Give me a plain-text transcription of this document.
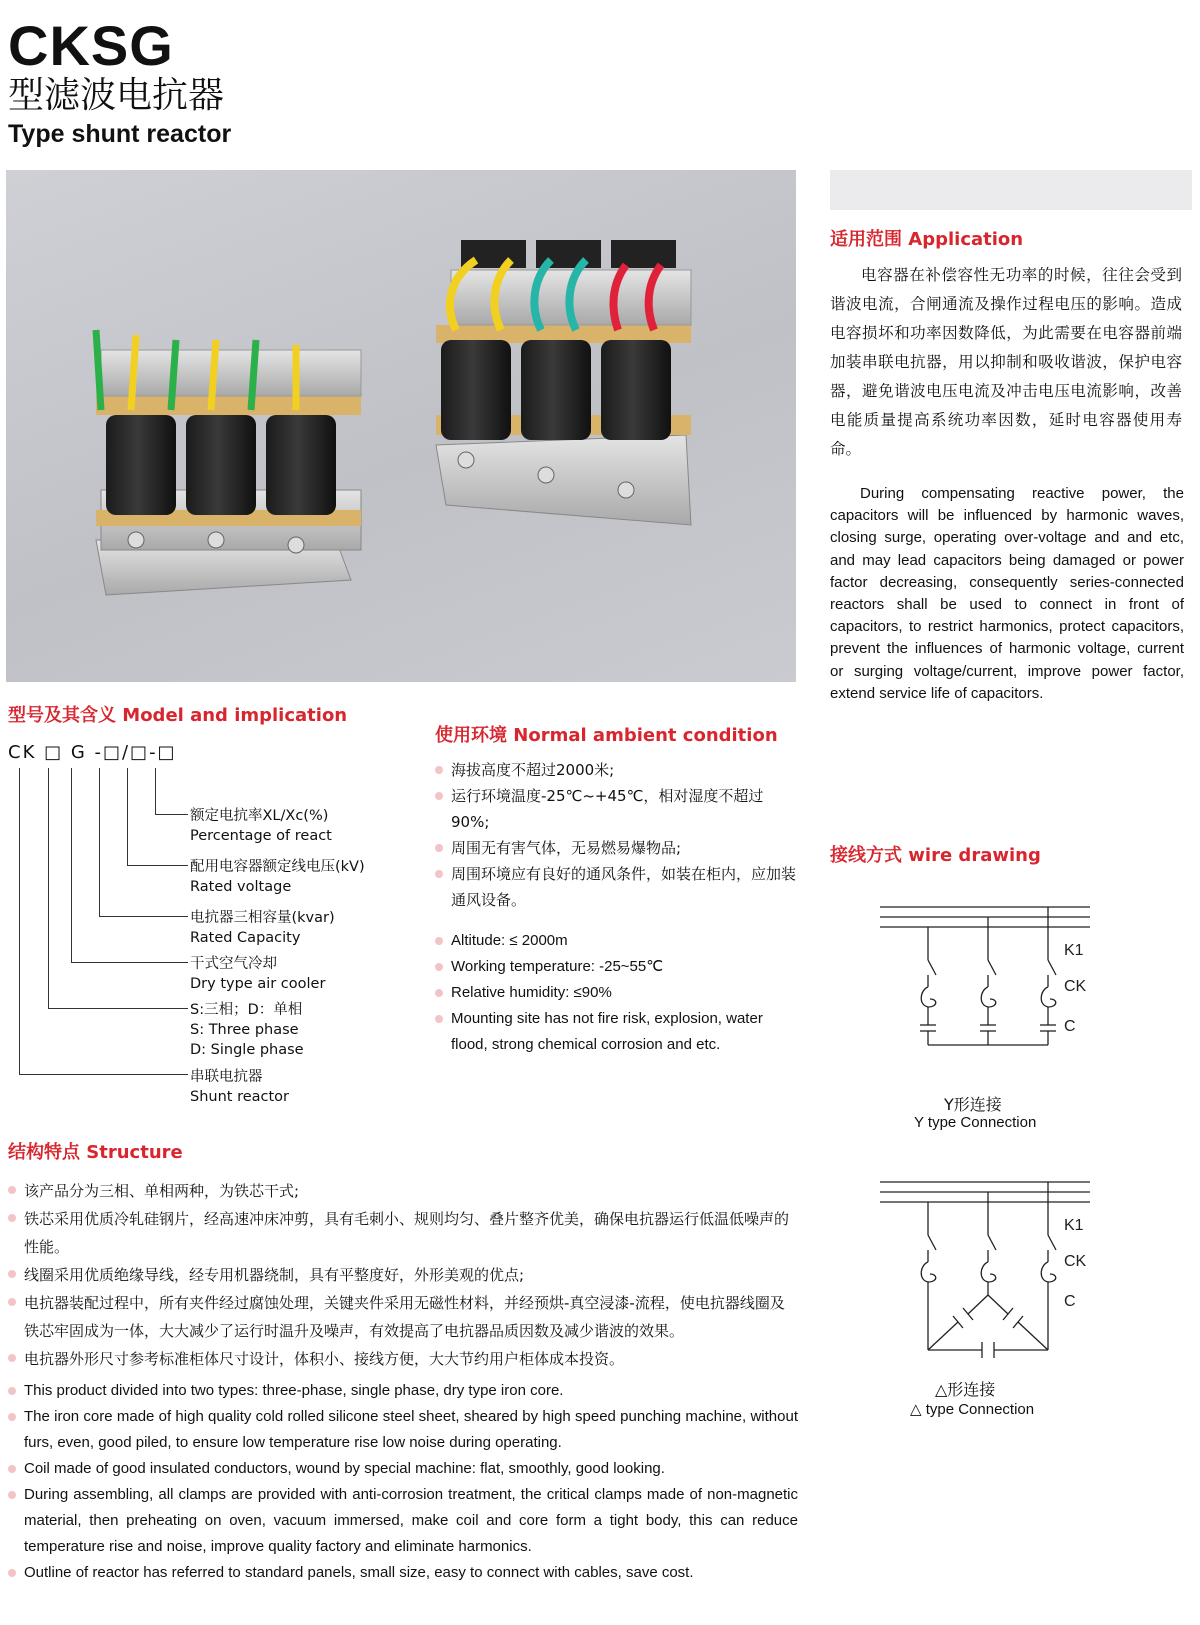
CKSG
型滤波电抗器
Type shunt reactor
适用范围 Application
电容器在补偿容性无功率的时候，往往会受到谐波电流，合闸通流及操作过程电压的影响。造成电容损坏和功率因数降低，为此需要在电容器前端加装串联电抗器，用以抑制和吸收谐波，保护电容器，避免谐波电压电流及冲击电压电流影响，改善电能质量提高系统功率因数，延时电容器使用寿命。
During compensating reactive power, the capacitors will be influenced by harmonic waves, closing surge, operating over-voltage and and etc, and may lead capacitors being damaged or power factor decreasing, consequently series-connected reactors shall be used to connect in front of capacitors, to restrict harmonics, protect capacitors, prevent the influences of harmonic voltage, current or surging voltage/current, improve power factor, extend service life of capacitors.
型号及其含义 Model and implication
CK □ G -□/□-□
额定电抗率XL/Xc(%)
Percentage of react
配用电容器额定线电压(kV)
Rated voltage
电抗器三相容量(kvar)
Rated Capacity
干式空气冷却
Dry type air cooler
S:三相；D：单相
S: Three phase
D: Single phase
串联电抗器
Shunt reactor
使用环境 Normal ambient condition
海拔高度不超过2000米;
运行环境温度-25℃~+45℃，相对湿度不超过90%;
周围无有害气体，无易燃易爆物品;
周围环境应有良好的通风条件，如装在柜内，应加装通风设备。
Altitude: ≤ 2000m
Working temperature: -25~55℃
Relative humidity: ≤90%
Mounting site has not fire risk, explosion, water flood, strong chemical corrosion and etc.
接线方式 wire drawing
K1
CK
C
Y形连接
Y type Connection
K1
CK
C
△形连接
△ type Connection
结构特点 Structure
该产品分为三相、单相两种，为铁芯干式;
铁芯采用优质冷轧硅钢片，经高速冲床冲剪，具有毛刺小、规则均匀、叠片整齐优美，确保电抗器运行低温低噪声的性能。
线圈采用优质绝缘导线，经专用机器绕制，具有平整度好，外形美观的优点;
电抗器装配过程中，所有夹件经过腐蚀处理，关键夹件采用无磁性材料，并经预烘-真空浸漆-流程，使电抗器线圈及铁芯牢固成为一体，大大减少了运行时温升及噪声，有效提高了电抗器品质因数及减少谐波的效果。
电抗器外形尺寸参考标准柜体尺寸设计，体积小、接线方便，大大节约用户柜体成本投资。
This product divided into two types: three-phase, single phase, dry type iron core.
The iron core made of high quality cold rolled silicone steel sheet, sheared by high speed punching machine, without furs, even, good piled, to ensure low temperature rise low noise during operating.
Coil made of good insulated conductors, wound by special machine: flat, smoothly, good looking.
During assembling, all clamps are provided with anti-corrosion treatment, the critical clamps made of non-magnetic material, then preheating on oven, vacuum immersed, make coil and core form a tight body, this can reduce temperature rise and noise, improve quality factory and eliminate harmonics.
Outline of reactor has referred to standard panels, small size, easy to connect with cables, save cost.
